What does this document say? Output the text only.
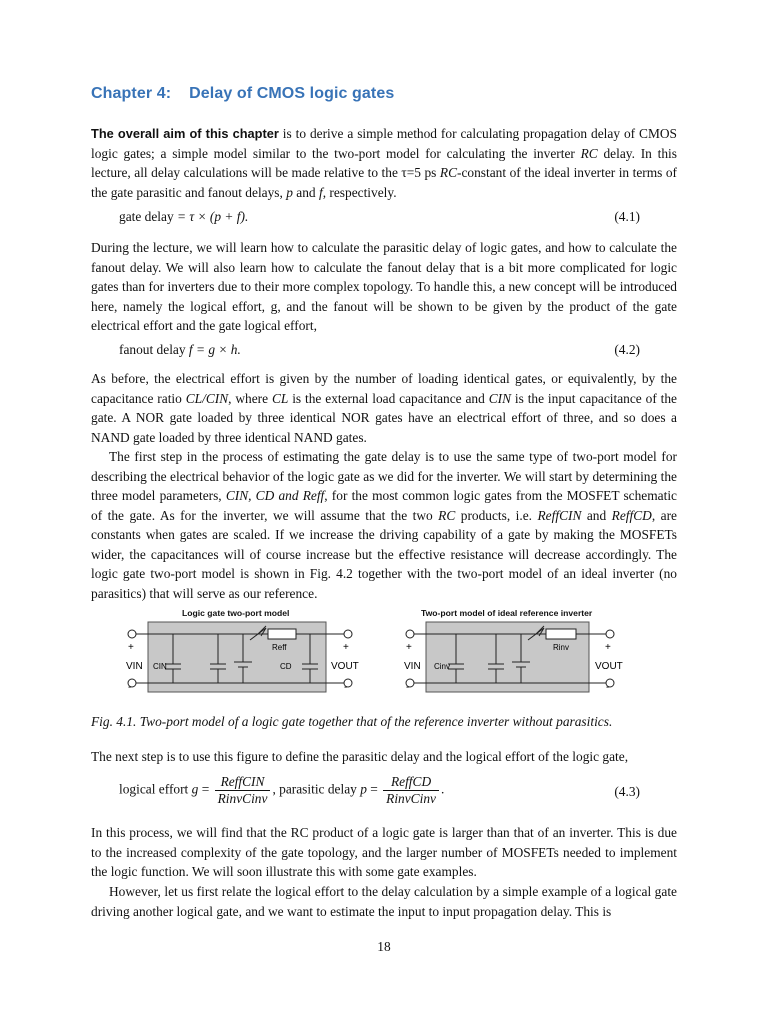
Chapter 4: Delay of CMOS logic gates
The overall aim of this chapter is to derive a simple method for calculating propagation delay of CMOS logic gates; a simple model similar to the two-port model for calculating the inverter RC delay. In this lecture, all delay calculations will be made relative to the τ=5 ps RC-constant of the ideal inverter in terms of the gate parasitic and fanout delays, p and f, respectively.
gate delay = τ × (p + f).	(4.1)
During the lecture, we will learn how to calculate the parasitic delay of logic gates, and how to calculate the fanout delay. We will also learn how to calculate the fanout delay that is a bit more complicated for logic gates than for inverters due to their more complex topology. To handle this, a new concept will be introduced here, namely the logical effort, g, and the fanout will be shown to be given by the product of the gate electrical effort and the gate logical effort,
fanout delay f = g × h.	(4.2)
As before, the electrical effort is given by the number of loading identical gates, or equivalently, by the capacitance ratio CL/CIN, where CL is the external load capacitance and CIN is the input capacitance of the gate. A NOR gate loaded by three identical NOR gates have an electrical effort of three, and so does a NAND gate loaded by three identical NAND gates.
The first step in the process of estimating the gate delay is to use the same type of two-port model for describing the electrical behavior of the logic gate as we did for the inverter. We will start by determining the three model parameters, CIN, CD and Reff, for the most common logic gates from the MOSFET schematic of the gate. As for the inverter, we will assume that the two RC products, i.e. ReffCIN and ReffCD, are constants when gates are scaled. If we increase the driving capability of a gate by making the MOSFETs wider, the capacitances will of course increase but the effective resistance will decrease accordingly. The logic gate two-port model is shown in Fig. 4.2 together with the two-port model of an ideal inverter (no parasitics) that will serve as our reference.
Logic gate two-port model	Two-port model of ideal reference inverter
+
VIN
-
CIN
Reff
CD
+
VOUT
-
+
VIN
-
Cinv
Rinv	+
VOUT
-
Fig. 4.1. Two-port model of a logic gate together that of the reference inverter without parasitics.
The next step is to use this figure to define the parasitic delay and the logical effort of the logic gate,
logical effort $g = \frac{\text{ReffCIN}}{\text{RinvCinv}}$ , parasitic delay $p = \frac{\text{ReffCD}}{\text{RinvCinv}}$ .	(4.3)
In this process, we will find that the RC product of a logic gate is larger than that of an inverter. This is due to the increased complexity of the gate topology, and the larger number of MOSFETs needed to implement the logic function. We will soon illustrate this with some gate examples.
However, let us first relate the logical effort to the delay calculation by a simple example of a logical gate driving another logical gate, and we want to estimate the input to input propagation delay. This is
18
